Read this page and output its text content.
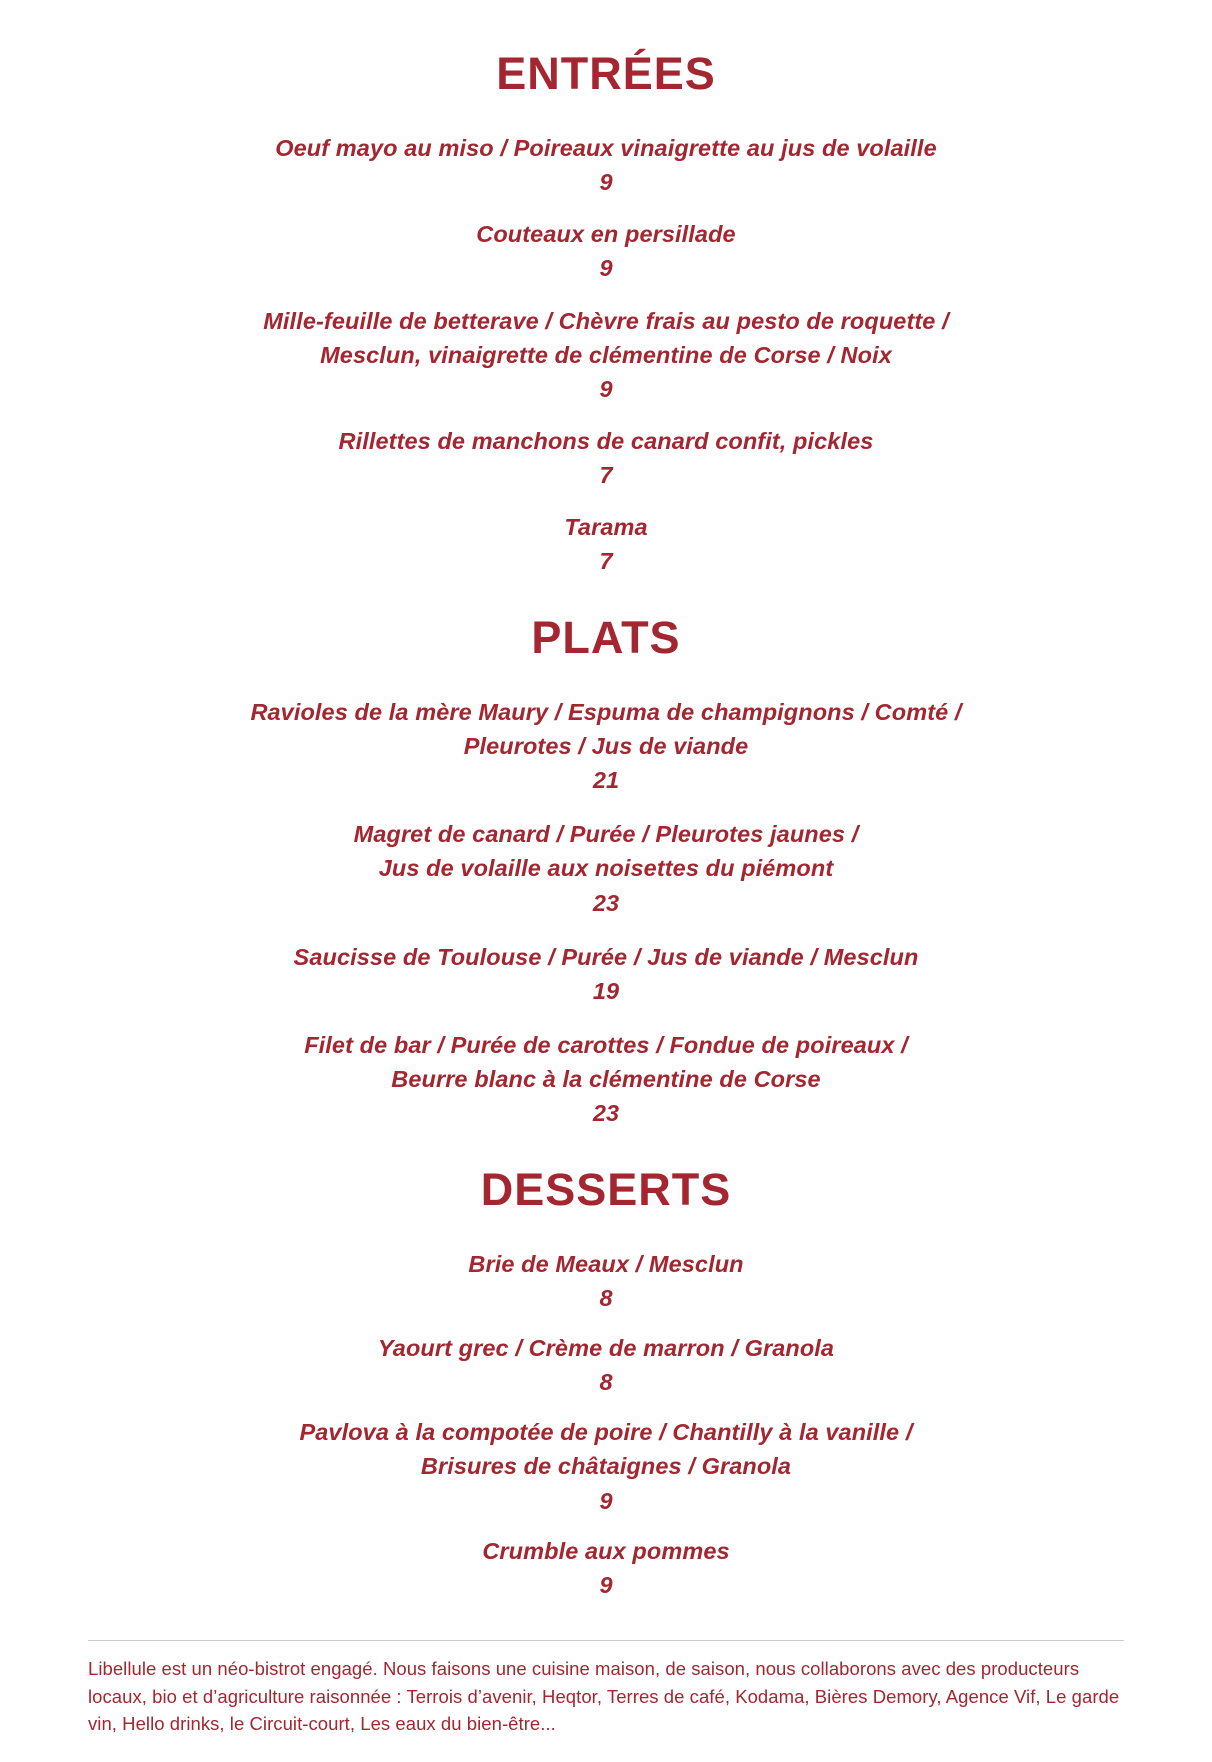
ENTRÉES

Oeuf mayo au miso / Poireaux vinaigrette au jus de volaille

9

Couteaux en persillade

9

Mille-feuille de betterave / Chèvre frais au pesto de roquette /
Mesclun, vinaigrette de clémentine de Corse / Noix

9

Rillettes de manchons de canard confit, pickles

7

Tarama

7

PLATS

Ravioles de la mère Maury / Espuma de champignons / Comté /
Pleurotes / Jus de viande

21

Magret de canard / Purée / Pleurotes jaunes /
Jus de volaille aux noisettes du piémont

23

Saucisse de Toulouse / Purée / Jus de viande / Mesclun

19

Filet de bar / Purée de carottes / Fondue de poireaux /
Beurre blanc à la clémentine de Corse

23

DESSERTS

Brie de Meaux / Mesclun

8

Yaourt grec / Crème de marron / Granola

8

Pavlova à la compotée de poire / Chantilly à la vanille /
Brisures de châtaignes / Granola

9

Crumble aux pommes

9

Libellule est un néo-bistrot engagé. Nous faisons une cuisine maison, de saison, nous collaborons avec des producteurs locaux, bio et d’agriculture raisonnée : Terrois d’avenir, Heqtor, Terres de café, Kodama, Bières Demory, Agence Vif, Le garde vin, Hello drinks, le Circuit-court, Les eaux du bien-être...
